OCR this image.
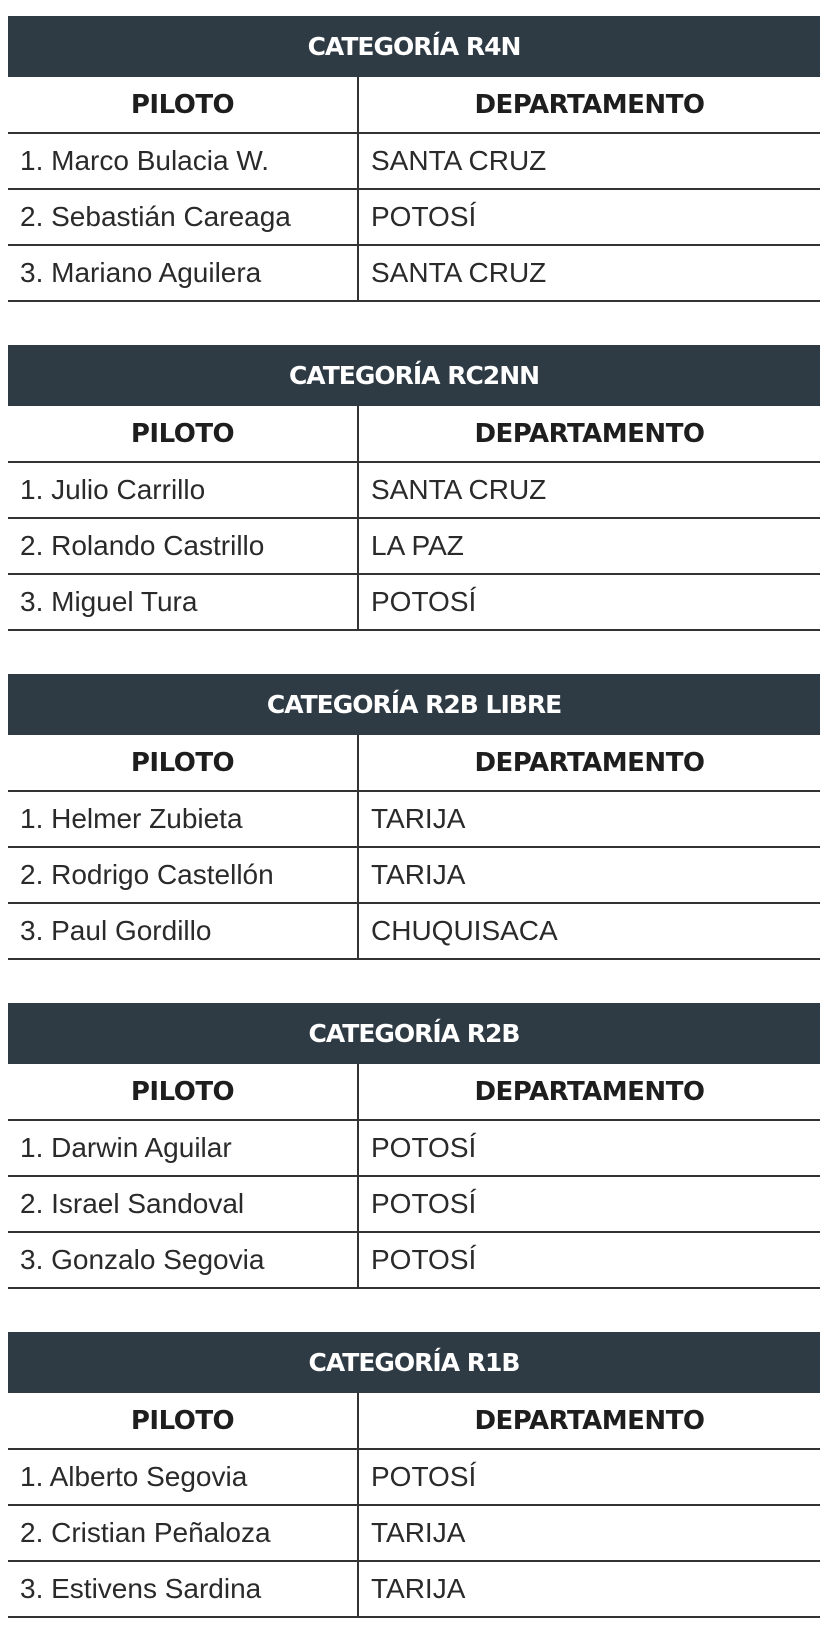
CATEGORÍA R4N
PILOTO	DEPARTAMENTO
1. Marco Bulacia W.	SANTA CRUZ
2. Sebastián Careaga	POTOSÍ
3. Mariano Aguilera	SANTA CRUZ
CATEGORÍA RC2NN
PILOTO	DEPARTAMENTO
1. Julio Carrillo	SANTA CRUZ
2. Rolando Castrillo	LA PAZ
3. Miguel Tura	POTOSÍ
CATEGORÍA R2B LIBRE
PILOTO	DEPARTAMENTO
1. Helmer Zubieta	TARIJA
2. Rodrigo Castellón	TARIJA
3. Paul Gordillo	CHUQUISACA
CATEGORÍA R2B
PILOTO	DEPARTAMENTO
1. Darwin Aguilar	POTOSÍ
2. Israel Sandoval	POTOSÍ
3. Gonzalo Segovia	POTOSÍ
CATEGORÍA R1B
PILOTO	DEPARTAMENTO
1. Alberto Segovia	POTOSÍ
2. Cristian Peñaloza	TARIJA
3. Estivens Sardina	TARIJA
